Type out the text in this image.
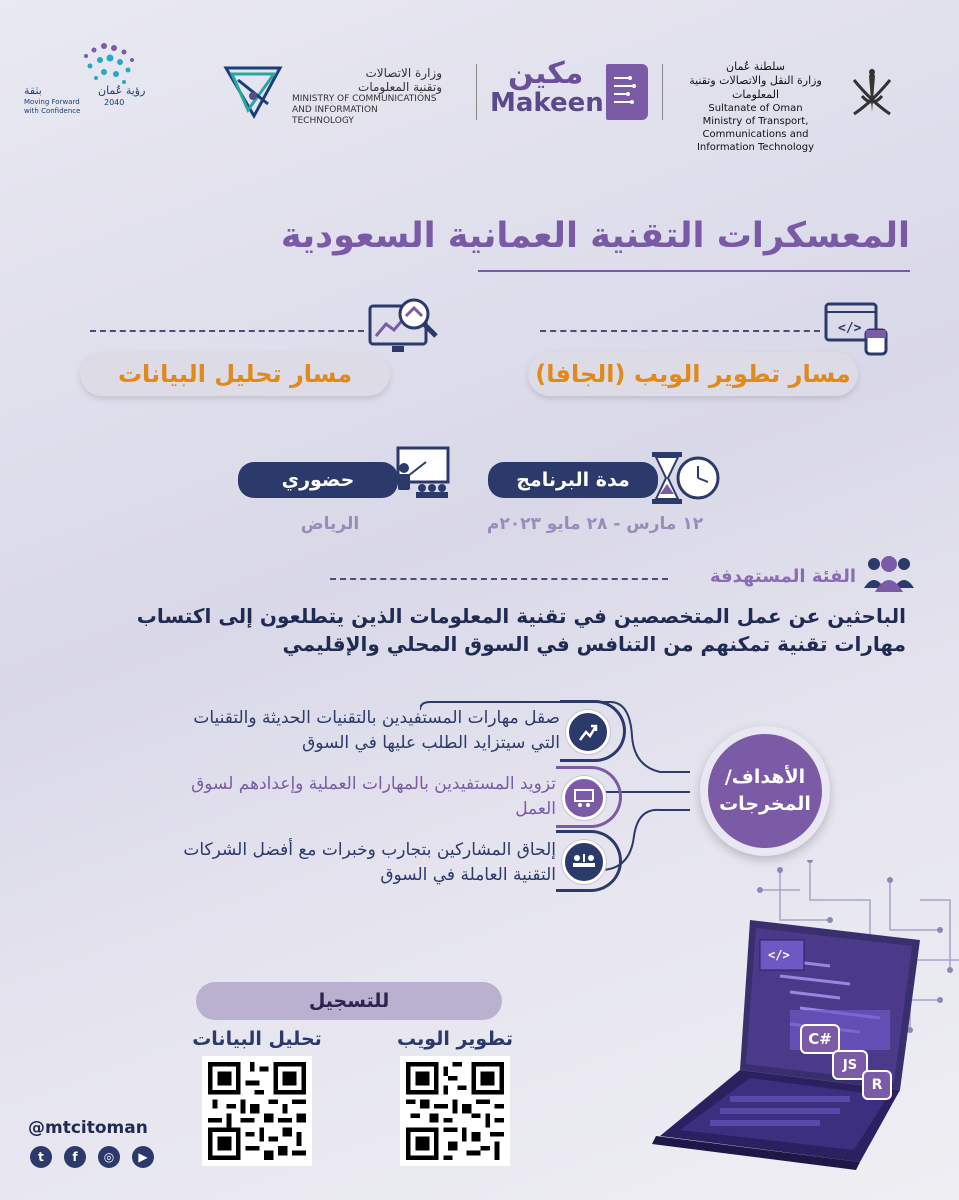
سلطنة عُمان
وزارة النقل والاتصالات وتقنية المعلومات
Sultanate of Oman
Ministry of Transport, Communications and
Information Technology
مكين
Makeen
وزارة الاتصالات
وتقنية المعلومات
MINISTRY OF COMMUNICATIONS
AND INFORMATION TECHNOLOGY
رؤية عُمان
2040
بثقة
Moving Forward
with Confidence
المعسكرات التقنية العمانية السعودية
</>
مسار تطوير الويب (الجافا)
مسار تحليل البيانات
مدة البرنامج
١٢ مارس - ٢٨ مايو ٢٠٢٣م
حضوري
الرياض
الفئة المستهدفة
الباحثين عن عمل المتخصصين في تقنية المعلومات الذين يتطلعون إلى اكتساب
مهارات تقنية تمكنهم من التنافس في السوق المحلي والإقليمي
صقل مهارات المستفيدين بالتقنيات الحديثة والتقنيات
التي سيتزايد الطلب عليها في السوق
تزويد المستفيدين بالمهارات العملية وإعدادهم لسوق
العمل
إلحاق المشاركين بتجارب وخبرات مع أفضل الشركات
التقنية العاملة في السوق
الأهداف/
المخرجات
</>
C#
JS
R
للتسجيل
تطوير الويب
تحليل البيانات
@mtcitoman
t	f	◎	▶
